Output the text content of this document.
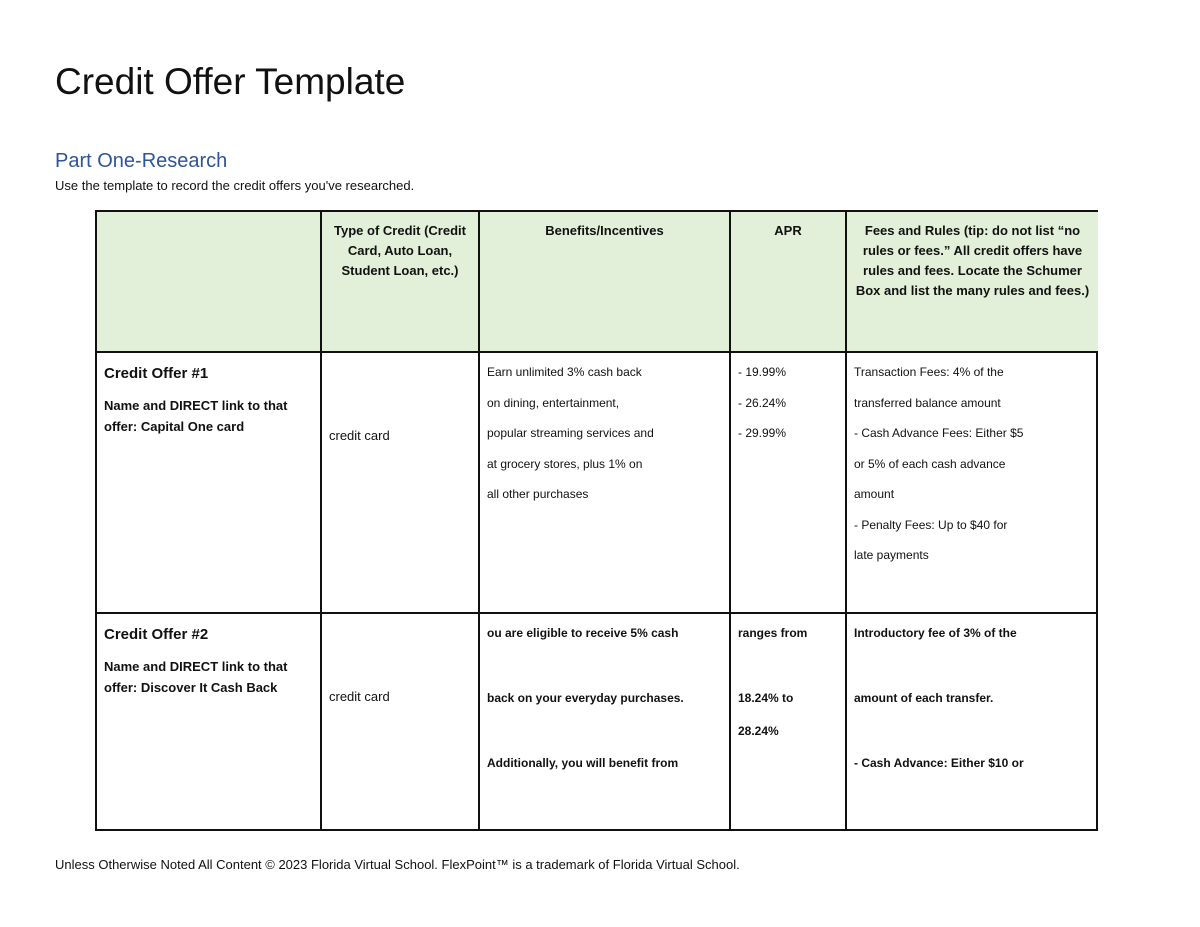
Credit Offer Template
Part One-Research
Use the template to record the credit offers you've researched.

Type of Credit (Credit Card, Auto Loan, Student Loan, etc.)
Benefits/Incentives	APR	Fees and Rules (tip: do not list “no rules or fees.” All credit offers have rules and fees. Locate the Schumer Box and list the many rules and fees.)
Credit Offer #1
Name and DIRECT link to that offer: Capital One card
credit card
Earn unlimited 3% cash back
on dining, entertainment,
popular streaming services and
at grocery stores, plus 1% on
all other purchases
- 19.99%
- 26.24%
- 29.99%
Transaction Fees: 4% of the
transferred balance amount
- Cash Advance Fees: Either $5
or 5% of each cash advance
amount
- Penalty Fees: Up to $40 for
late payments
Credit Offer #2
Name and DIRECT link to that offer: Discover It Cash Back
credit card
ou are eligible to receive 5% cash

back on your everyday purchases.

Additionally, you will benefit from
ranges from

18.24% to
28.24%
Introductory fee of 3% of the

amount of each transfer.

- Cash Advance: Either $10 or
Unless Otherwise Noted All Content © 2023 Florida Virtual School. FlexPoint™ is a trademark of Florida Virtual School.
